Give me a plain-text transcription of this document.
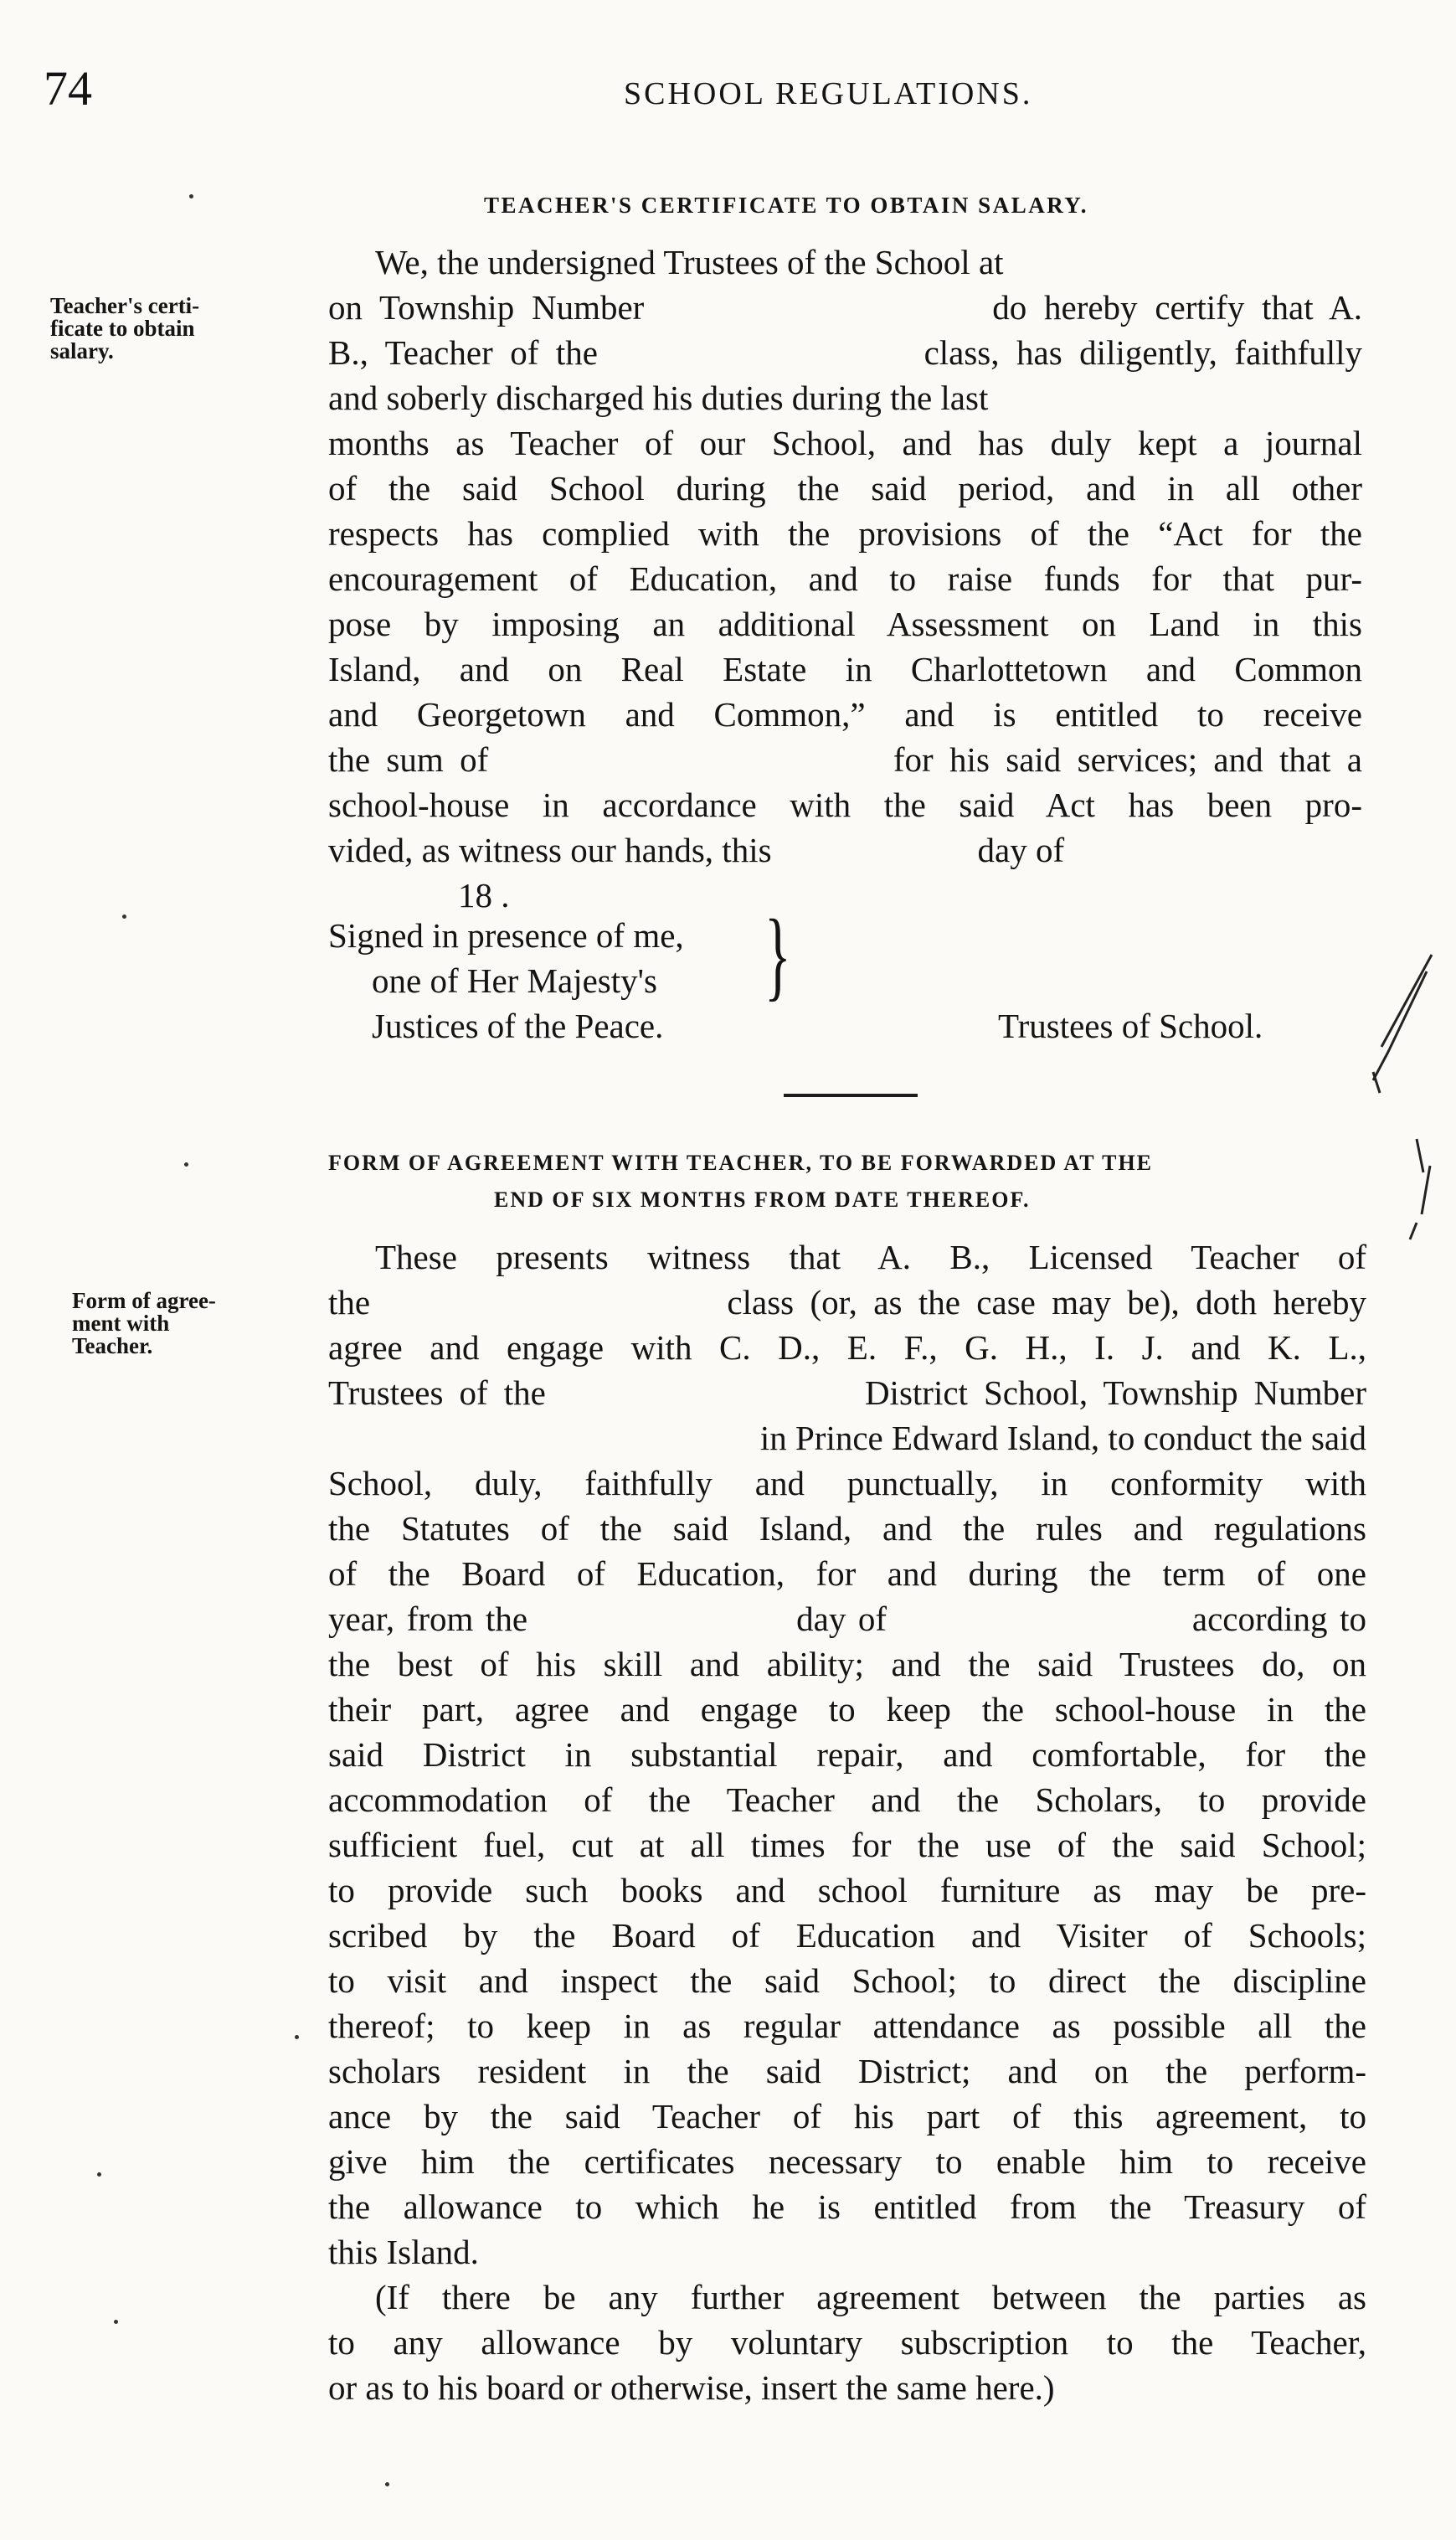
74	SCHOOL REGULATIONS.
TEACHER'S CERTIFICATE TO OBTAIN SALARY.
Teacher's certi-
ficate to obtain
salary.
We, the undersigned Trustees of the School at
on Township Number                    do hereby certify that A.
B., Teacher of the                   class, has diligently, faithfully
and soberly discharged his duties during the last
months as Teacher of our School, and has duly kept a journal
of the said School during the said period, and in all other
respects has complied with the provisions of the “Act for the
encouragement of Education, and to raise funds for that pur-
pose by imposing an additional Assessment on Land in this
Island, and on Real Estate in Charlottetown and Common
and Georgetown and Common,” and is entitled to receive
the sum of                         for his said services; and that a
school-house in accordance with the said Act has been pro-
vided, as witness our hands, this                        day of
18 .
Signed in presence of me,
one of Her Majesty's
Justices of the Peace.
}
Trustees of School.
FORM OF AGREEMENT WITH TEACHER, TO BE FORWARDED AT THE
END OF SIX MONTHS FROM DATE THEREOF.
Form of agree-
ment with
Teacher.
These presents witness that A. B., Licensed Teacher of
the                      class (or, as the case may be), doth hereby
agree and engage with C. D., E. F., G. H., I. J. and K. L.,
Trustees of the                    District School, Township Number
in Prince Edward Island, to conduct the said
School, duly, faithfully and punctually, in conformity with
the Statutes of the said Island, and the rules and regulations
of the Board of Education, for and during the term of one
year, from the                      day of                         according to
the best of his skill and ability; and the said Trustees do, on
their part, agree and engage to keep the school-house in the
said District in substantial repair, and comfortable, for the
accommodation of the Teacher and the Scholars, to provide
sufficient fuel, cut at all times for the use of the said School;
to provide such books and school furniture as may be pre-
scribed by the Board of Education and Visiter of Schools;
to visit and inspect the said School; to direct the discipline
thereof; to keep in as regular attendance as possible all the
scholars resident in the said District; and on the perform-
ance by the said Teacher of his part of this agreement, to
give him the certificates necessary to enable him to receive
the allowance to which he is entitled from the Treasury of
this Island.
(If there be any further agreement between the parties as
to any allowance by voluntary subscription to the Teacher,
or as to his board or otherwise, insert the same here.)
